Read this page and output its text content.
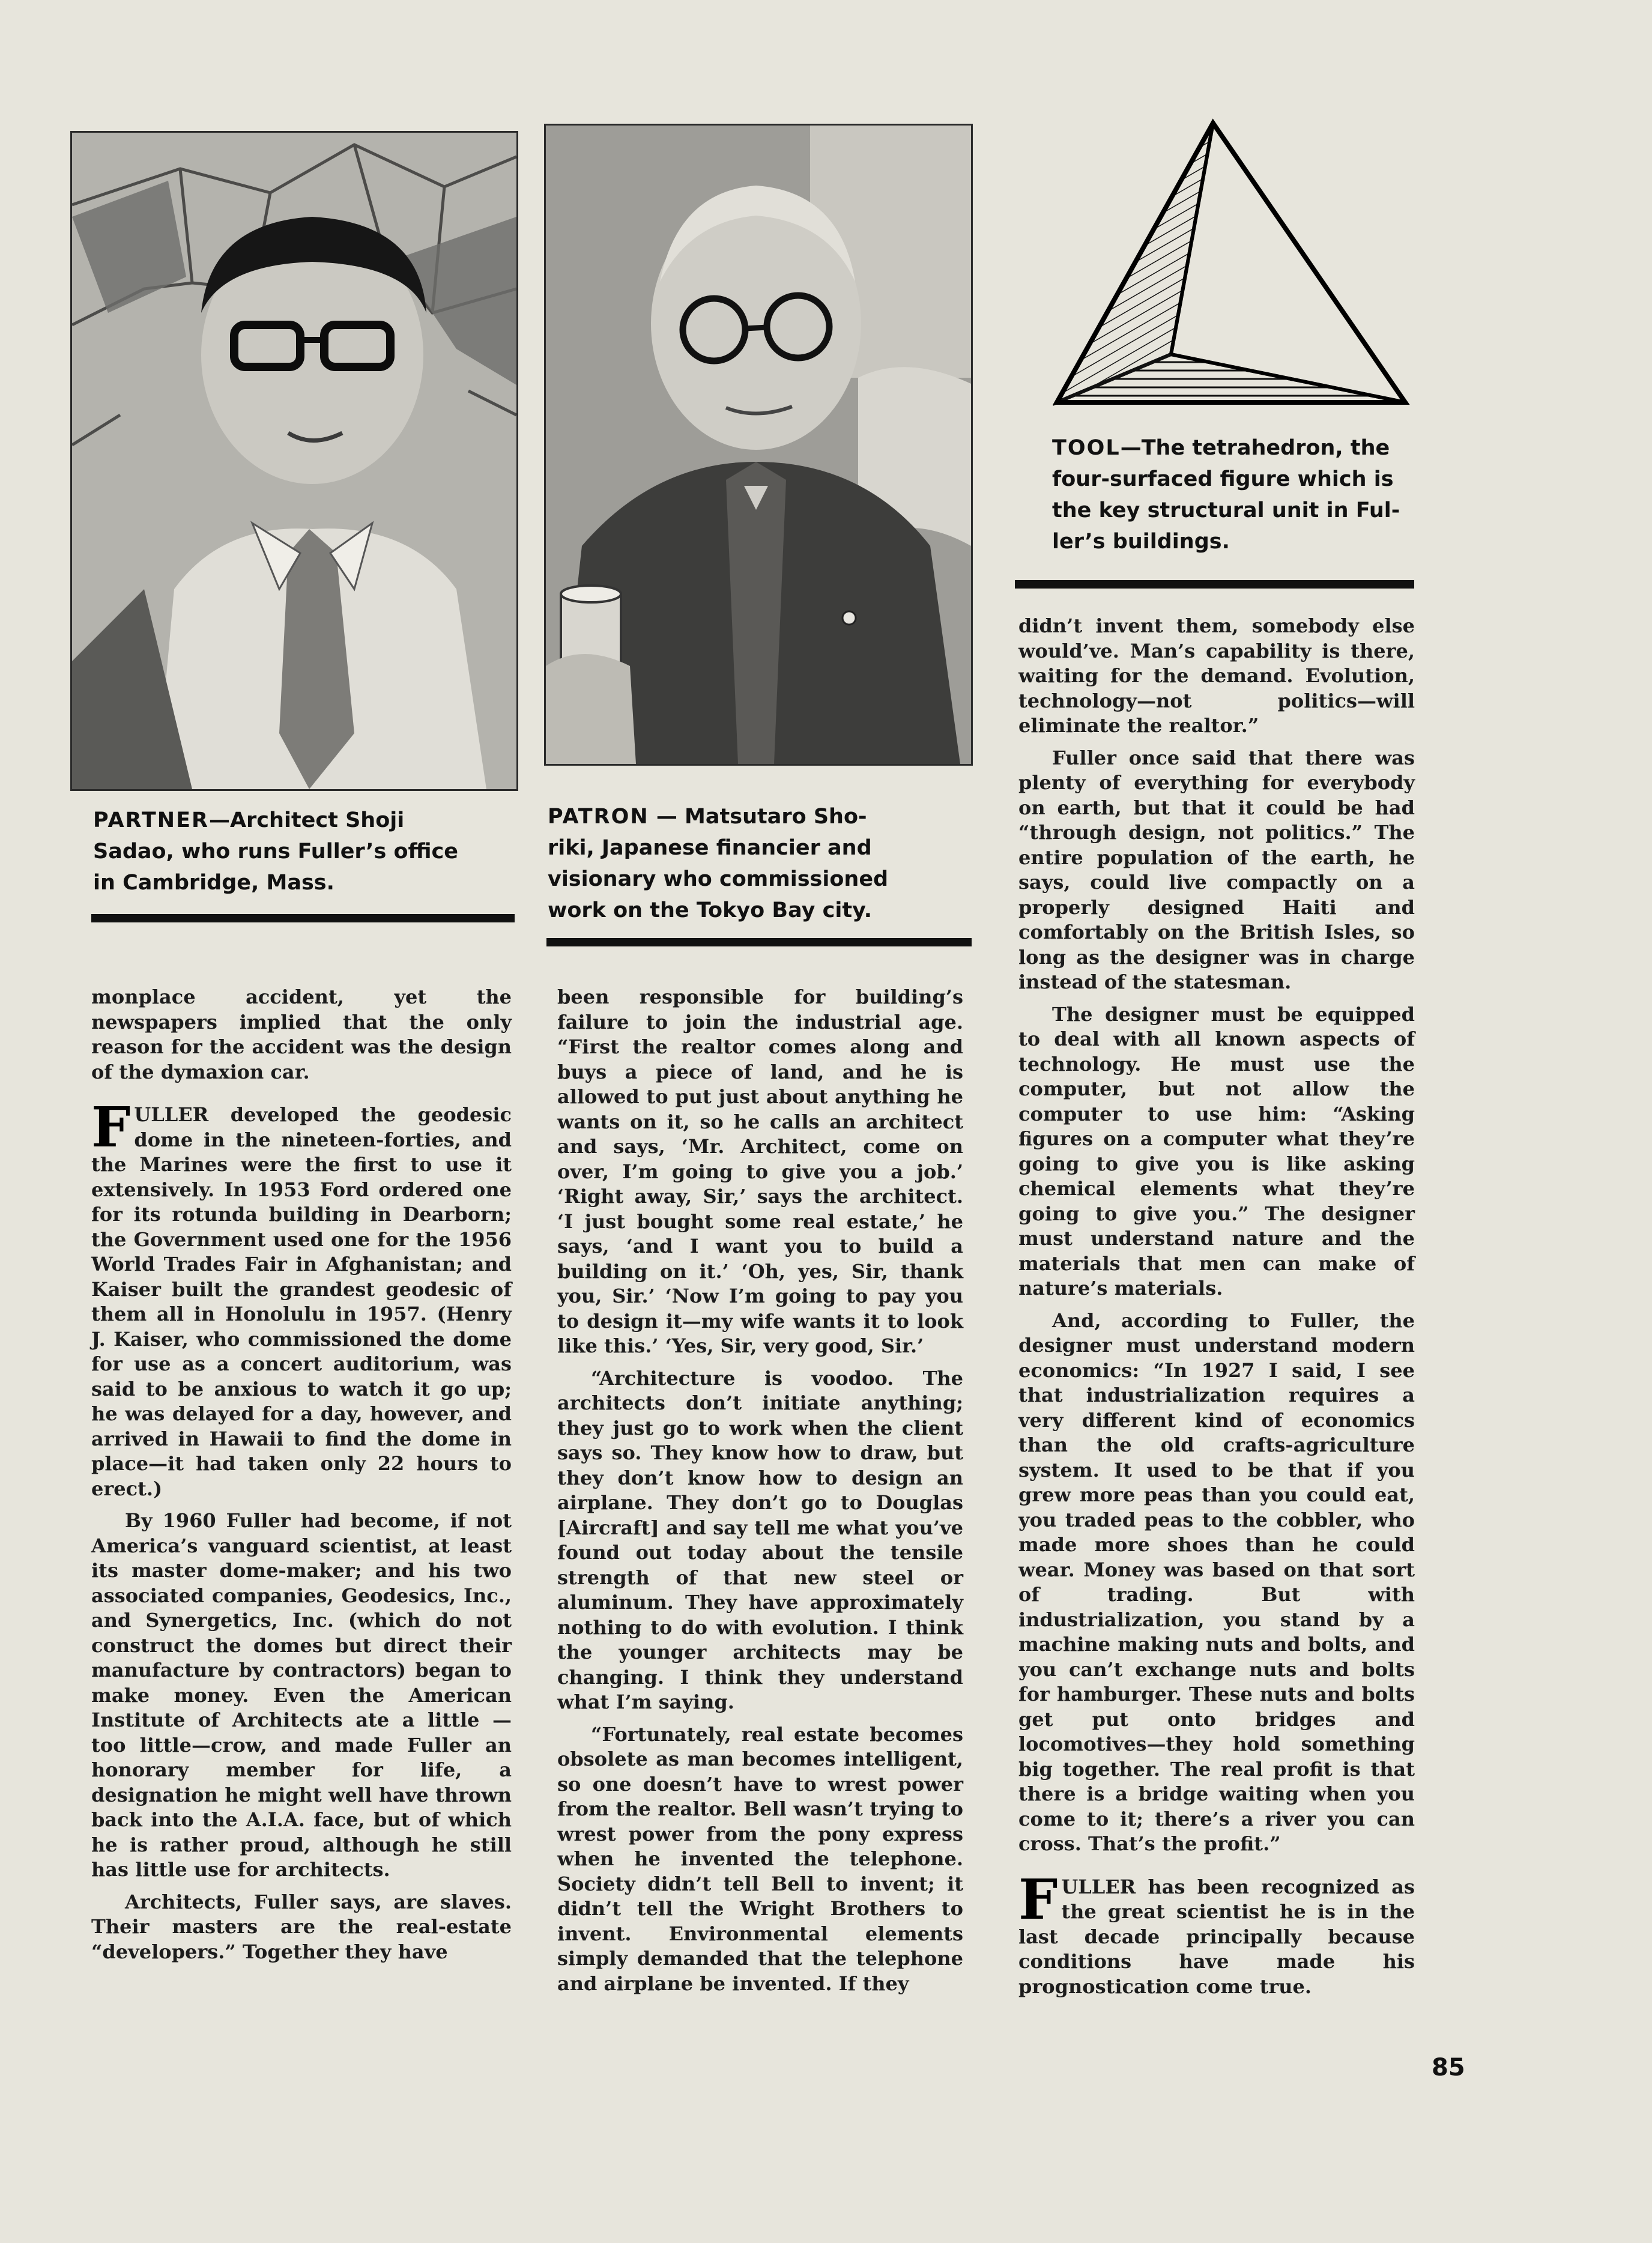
PARTNER—Architect Shoji
Sadao, who runs Fuller’s office
in Cambridge, Mass.
PATRON — Matsutaro Sho-
riki, Japanese financier and
visionary who commissioned
work on the Tokyo Bay city.
TOOL—The tetrahedron, the
four-surfaced figure which is
the key structural unit in Ful-
ler’s buildings.

monplace accident, yet the newspapers implied that the only reason for the accident was the design of the dymaxion car.

FULLER developed the geodesic dome in the nineteen-forties, and the Marines were the first to use it extensively. In 1953 Ford ordered one for its rotunda building in Dearborn; the Government used one for the 1956 World Trades Fair in Afghanistan; and Kaiser built the grandest geodesic of them all in Honolulu in 1957. (Henry J. Kaiser, who commissioned the dome for use as a concert auditorium, was said to be anxious to watch it go up; he was delayed for a day, however, and arrived in Hawaii to find the dome in place—it had taken only 22 hours to erect.)

By 1960 Fuller had become, if not America’s vanguard scientist, at least its master dome-maker; and his two associated companies, Geodesics, Inc., and Synergetics, Inc. (which do not construct the domes but direct their manufacture by contractors) began to make money. Even the American Institute of Architects ate a little — too little—crow, and made Fuller an honorary member for life, a designation he might well have thrown back into the A.I.A. face, but of which he is rather proud, although he still has little use for architects.

Architects, Fuller says, are slaves. Their masters are the real-estate “developers.” Together they have

been responsible for building’s failure to join the industrial age. “First the realtor comes along and buys a piece of land, and he is allowed to put just about anything he wants on it, so he calls an architect and says, ‘Mr. Architect, come on over, I’m going to give you a job.’ ‘Right away, Sir,’ says the architect. ‘I just bought some real estate,’ he says, ‘and I want you to build a building on it.’ ‘Oh, yes, Sir, thank you, Sir.’ ‘Now I’m going to pay you to design it—my wife wants it to look like this.’ ‘Yes, Sir, very good, Sir.’

“Architecture is voodoo. The architects don’t initiate anything; they just go to work when the client says so. They know how to draw, but they don’t know how to design an airplane. They don’t go to Douglas [Aircraft] and say tell me what you’ve found out today about the tensile strength of that new steel or aluminum. They have approximately nothing to do with evolution. I think the younger architects may be changing. I think they understand what I’m saying.

“Fortunately, real estate becomes obsolete as man becomes intelligent, so one doesn’t have to wrest power from the realtor. Bell wasn’t trying to wrest power from the pony express when he invented the telephone. Society didn’t tell Bell to invent; it didn’t tell the Wright Brothers to invent. Environmental elements simply demanded that the telephone and airplane be invented. If they

didn’t invent them, somebody else would’ve. Man’s capability is there, waiting for the demand. Evolution, technology—not politics—will eliminate the realtor.”

Fuller once said that there was plenty of everything for everybody on earth, but that it could be had “through design, not politics.” The entire population of the earth, he says, could live compactly on a properly designed Haiti and comfortably on the British Isles, so long as the designer was in charge instead of the statesman.

The designer must be equipped to deal with all known aspects of technology. He must use the computer, but not allow the computer to use him: “Asking figures on a computer what they’re going to give you is like asking chemical elements what they’re going to give you.” The designer must understand nature and the materials that men can make of nature’s materials.

And, according to Fuller, the designer must understand modern economics: “In 1927 I said, I see that industrialization requires a very different kind of economics than the old crafts-agriculture system. It used to be that if you grew more peas than you could eat, you traded peas to the cobbler, who made more shoes than he could wear. Money was based on that sort of trading. But with industrialization, you stand by a machine making nuts and bolts, and you can’t exchange nuts and bolts for hamburger. These nuts and bolts get put onto bridges and locomotives—they hold something big together. The real profit is that there is a bridge waiting when you come to it; there’s a river you can cross. That’s the profit.”

FULLER has been recognized as the great scientist he is in the last decade principally because conditions have made his prognostication come true.

85
